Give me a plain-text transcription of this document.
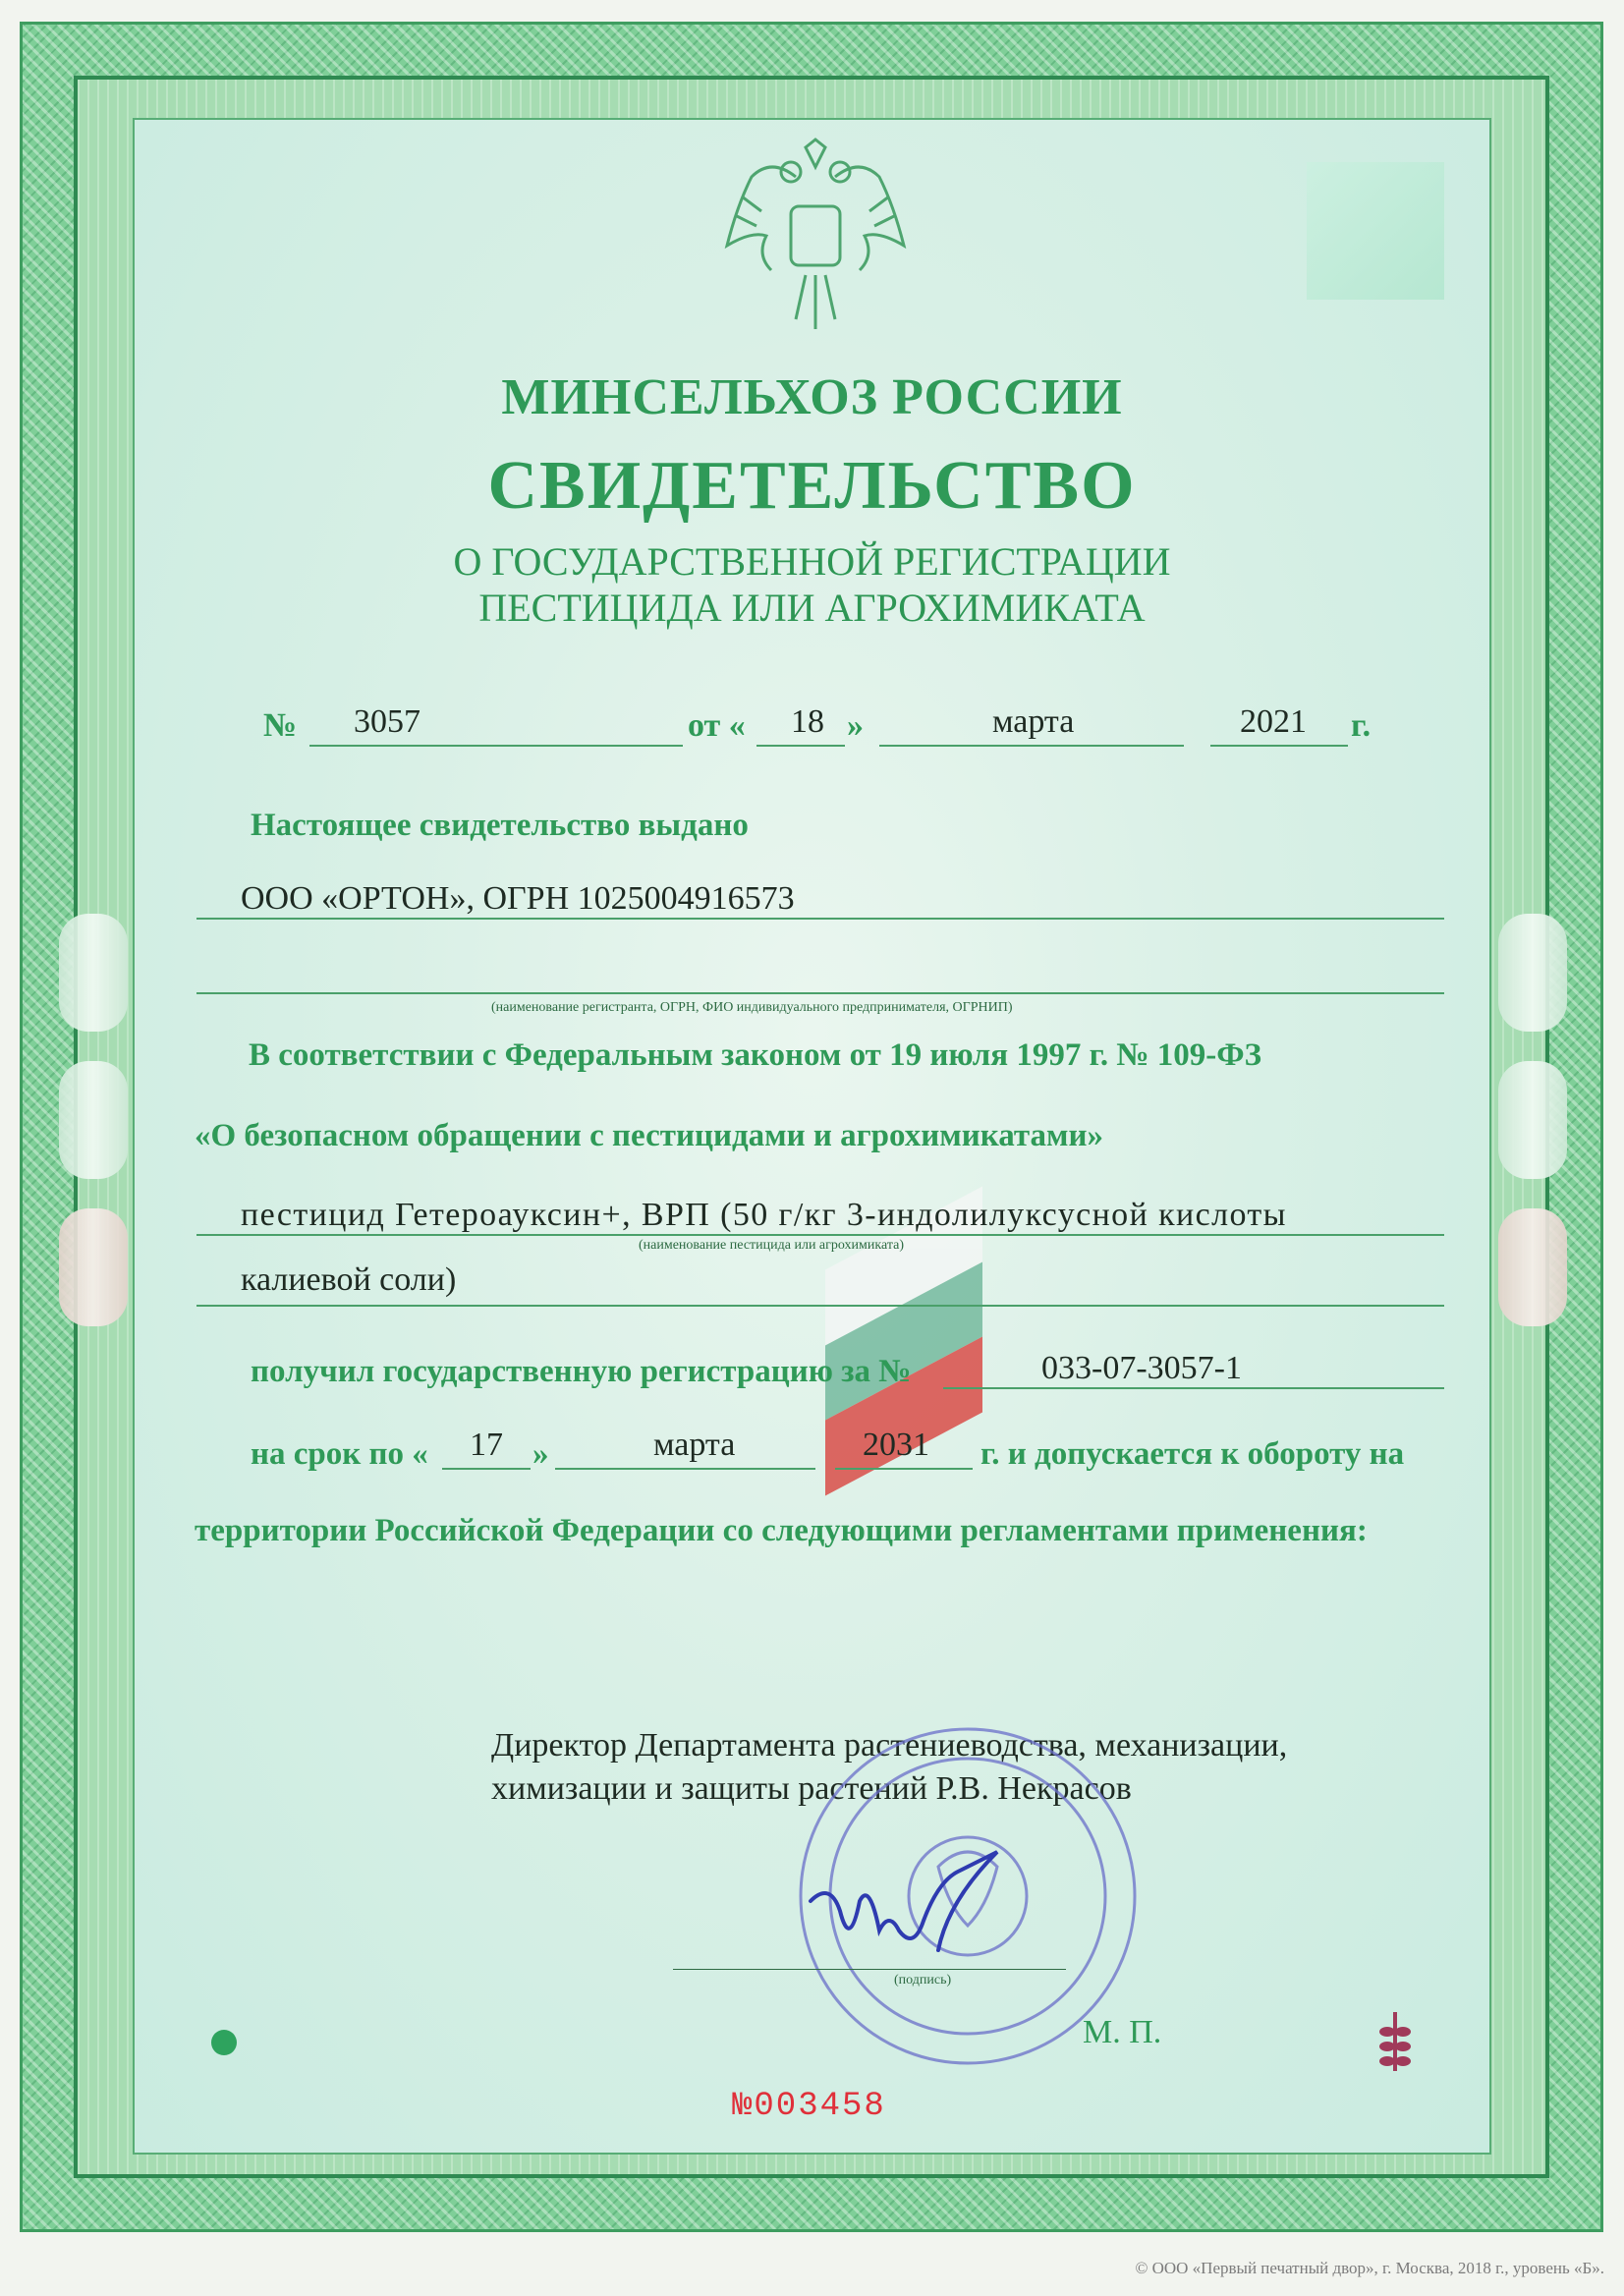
МИНСЕЛЬХОЗ РОССИИ
СВИДЕТЕЛЬСТВО
О ГОСУДАРСТВЕННОЙ РЕГИСТРАЦИИ
ПЕСТИЦИДА ИЛИ АГРОХИМИКАТА
№ 3057	от « 18 »	марта	2021 г.
Настоящее свидетельство выдано
ООО «ОРТОН», ОГРН 1025004916573
(наименование регистранта, ОГРН, ФИО индивидуального предпринимателя, ОГРНИП)
В соответствии с Федеральным законом от 19 июля 1997 г. № 109-ФЗ
«О безопасном обращении с пестицидами и агрохимикатами»
пестицид Гетероауксин+, ВРП (50 г/кг 3-индолилуксусной кислоты
(наименование пестицида или агрохимиката)
калиевой соли)
получил государственную регистрацию за №	033-07-3057-1
на срок по « 17 »	марта	2031 г. и допускается к обороту на
территории Российской Федерации со следующими регламентами применения:
Директор Департамента растениеводства, механизации,
химизации и защиты растений Р.В. Некрасов
(подпись)
М. П.
№003458
© ООО «Первый печатный двор», г. Москва, 2018 г., уровень «Б».
